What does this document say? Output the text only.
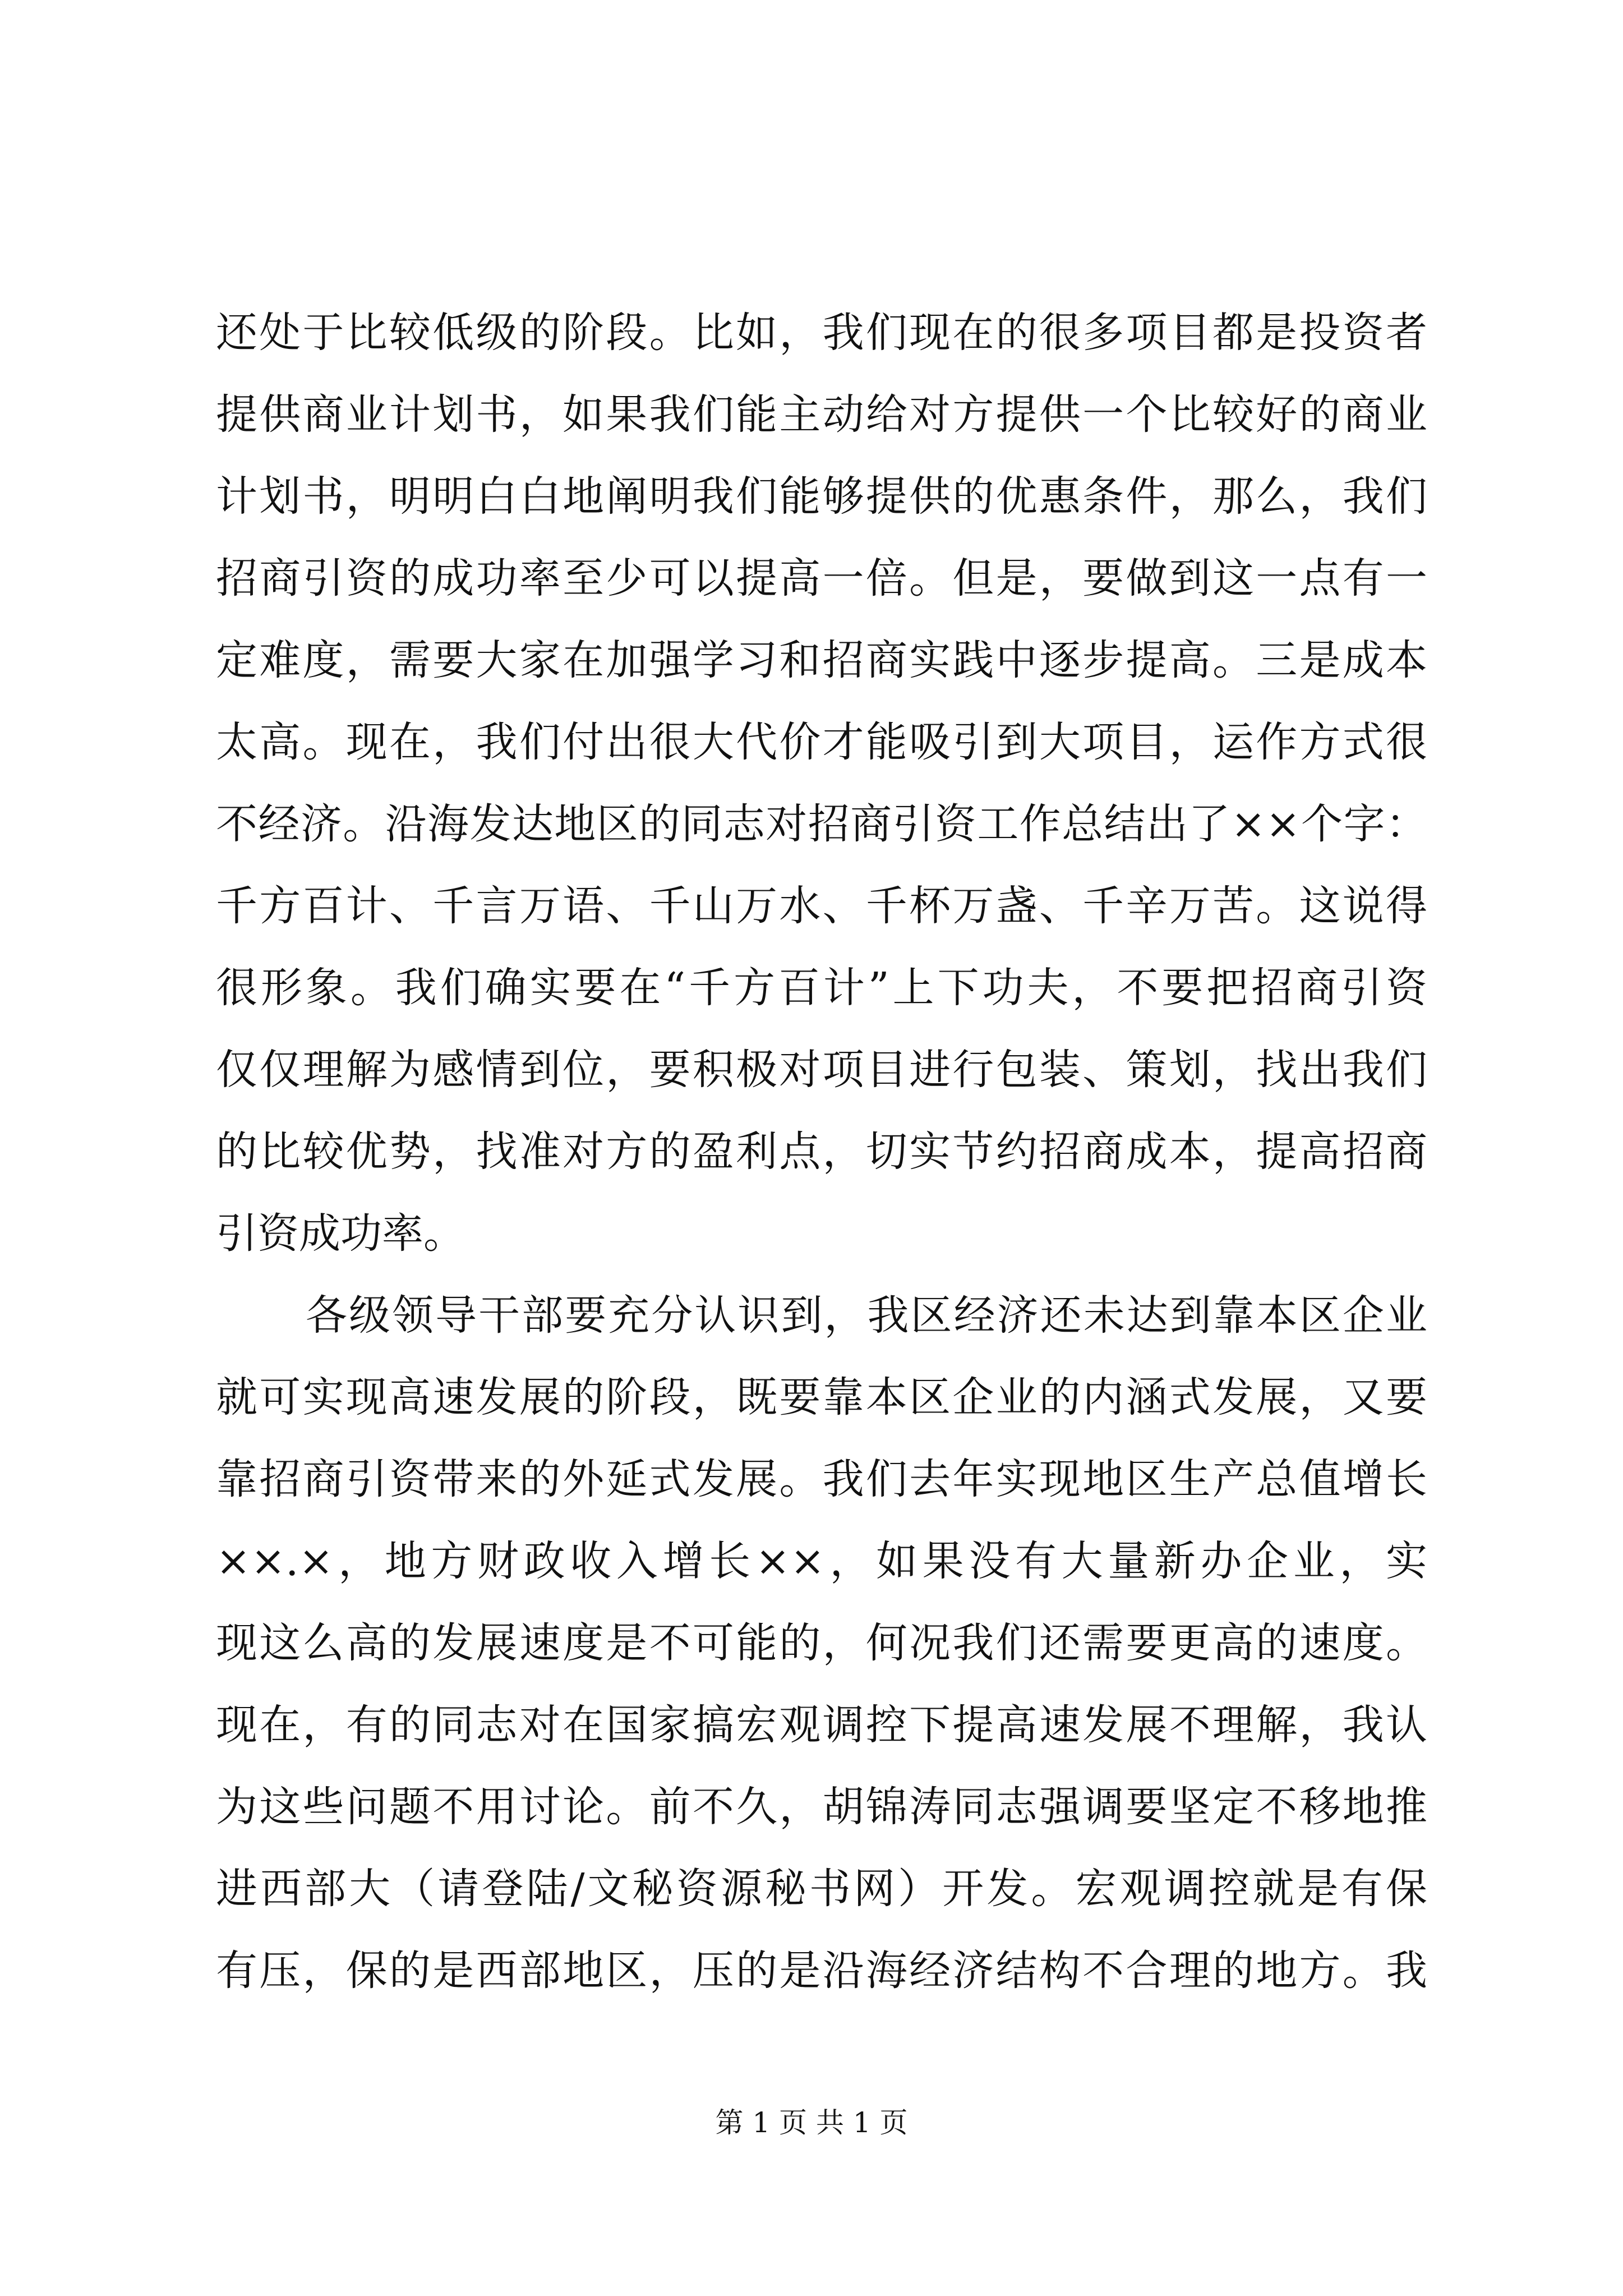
还处于比较低级的阶段。比如，我们现在的很多项目都是投资者
提供商业计划书，如果我们能主动给对方提供一个比较好的商业
计划书，明明白白地阐明我们能够提供的优惠条件，那么，我们
招商引资的成功率至少可以提高一倍。但是，要做到这一点有一
定难度，需要大家在加强学习和招商实践中逐步提高。三是成本
太高。现在，我们付出很大代价才能吸引到大项目，运作方式很
不经济。沿海发达地区的同志对招商引资工作总结出了××个字：
千方百计、千言万语、千山万水、千杯万盏、千辛万苦。这说得
很形象。我们确实要在“千方百计”上下功夫，不要把招商引资
仅仅理解为感情到位，要积极对项目进行包装、策划，找出我们
的比较优势，找准对方的盈利点，切实节约招商成本，提高招商
引资成功率。
各级领导干部要充分认识到，我区经济还未达到靠本区企业
就可实现高速发展的阶段，既要靠本区企业的内涵式发展，又要
靠招商引资带来的外延式发展。我们去年实现地区生产总值增长
××.×，地方财政收入增长××，如果没有大量新办企业，实
现这么高的发展速度是不可能的，何况我们还需要更高的速度。
现在，有的同志对在国家搞宏观调控下提高速发展不理解，我认
为这些问题不用讨论。前不久，胡锦涛同志强调要坚定不移地推
进西部大（请登陆/文秘资源秘书网）开发。宏观调控就是有保
有压，保的是西部地区，压的是沿海经济结构不合理的地方。我
第 1 页 共 1 页
